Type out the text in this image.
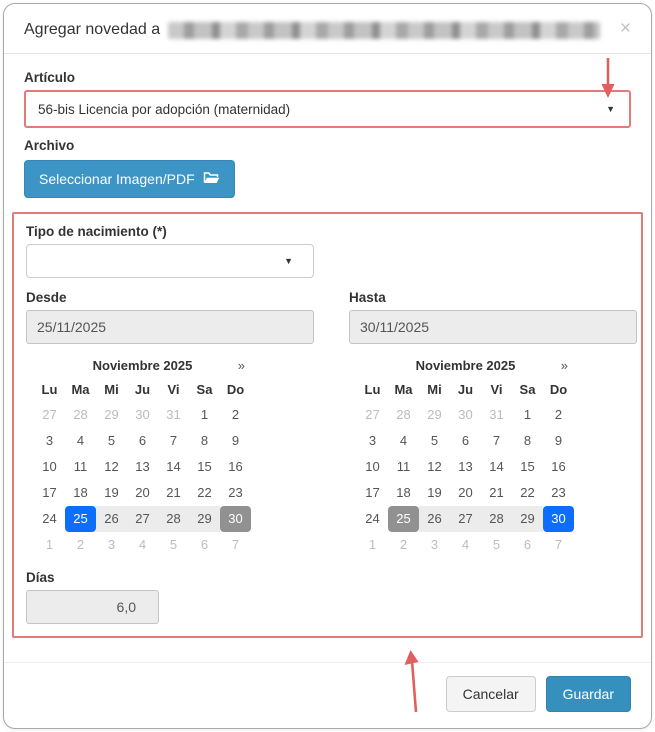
Agregar novedad a	×
Artículo
56-bis Licencia por adopción (maternidad)	▼
Archivo
Seleccionar Imagen/PDF
Tipo de nacimiento (*)
▼
Desde
25/11/2025	Hasta
30/11/2025
Noviembre 2025	»
Lu	Ma	Mi	Ju	Vi	Sa	Do
27	28	29	30	31	1	2
3	4	5	6	7	8	9
10	11	12	13	14	15	16
17	18	19	20	21	22	23
24	25	26	27	28	29	30
1	2	3	4	5	6	7
Noviembre 2025	»
Lu	Ma	Mi	Ju	Vi	Sa	Do
27	28	29	30	31	1	2
3	4	5	6	7	8	9
10	11	12	13	14	15	16
17	18	19	20	21	22	23
24	25	26	27	28	29	30
1	2	3	4	5	6	7
Días
6,0
Cancelar	Guardar
